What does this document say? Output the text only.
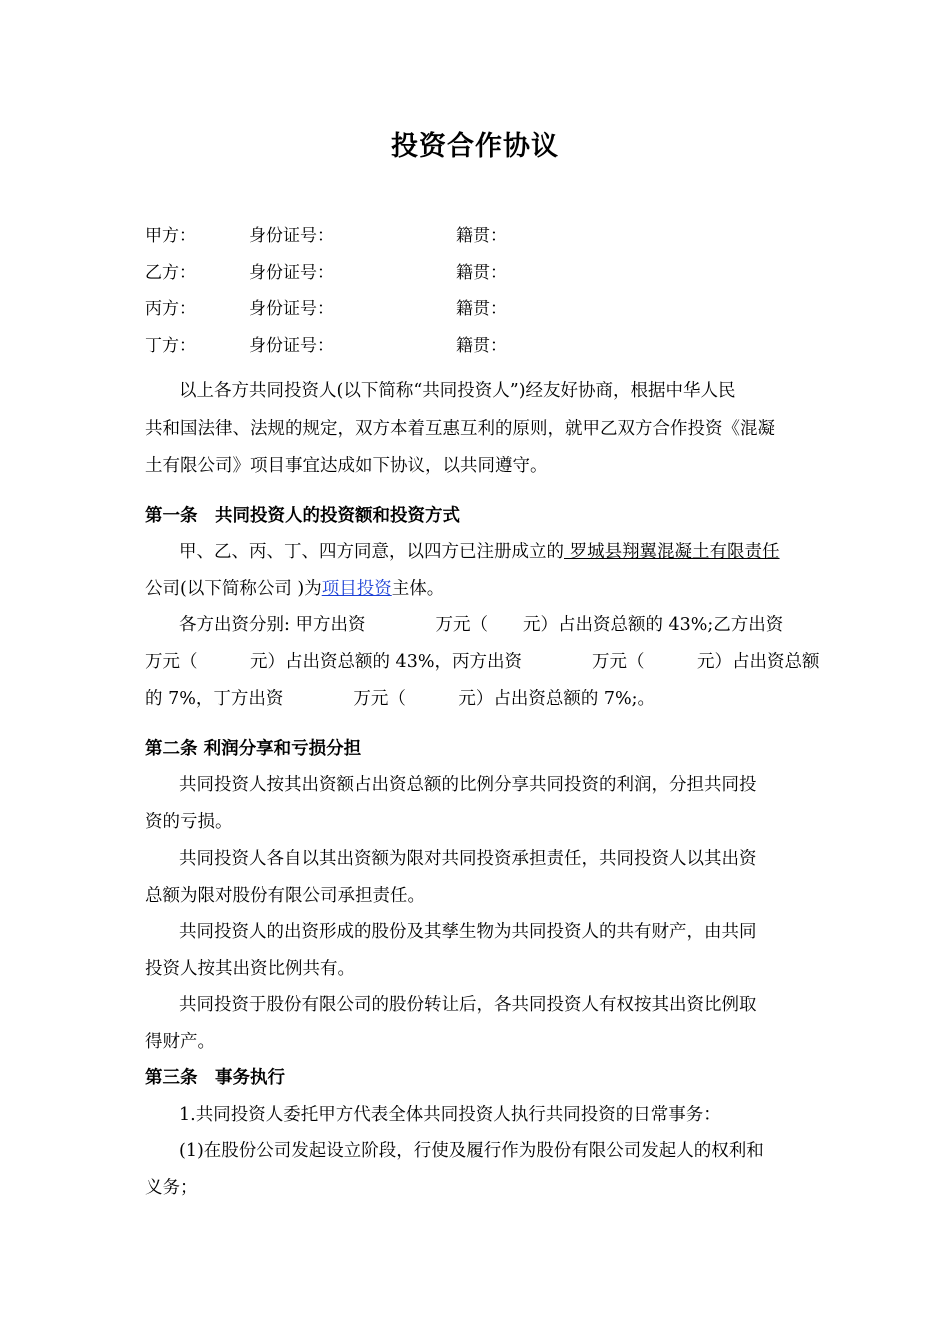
投资合作协议
甲方：	身份证号：	籍贯：
乙方：	身份证号：	籍贯：
丙方：	身份证号：	籍贯：
丁方：	身份证号：	籍贯：
以上各方共同投资人(以下简称“共同投资人”)经友好协商，根据中华人民
共和国法律、法规的规定，双方本着互惠互利的原则，就甲乙双方合作投资《混凝
土有限公司》项目事宜达成如下协议，以共同遵守。
第一条　共同投资人的投资额和投资方式
甲、乙、丙、丁、四方同意，以四方已注册成立的 罗城县翔翼混凝土有限责任
公司(以下简称公司 )为项目投资主体。
各方出资分别: 甲方出资　　　　万元（　　元）占出资总额的 43%;乙方出资
万元（　　　元）占出资总额的 43%，丙方出资　　　　万元（　　　元）占出资总额
的 7%，丁方出资　　　　万元（　　　元）占出资总额的 7%;。
第二条 利润分享和亏损分担
共同投资人按其出资额占出资总额的比例分享共同投资的利润，分担共同投
资的亏损。
共同投资人各自以其出资额为限对共同投资承担责任，共同投资人以其出资
总额为限对股份有限公司承担责任。
共同投资人的出资形成的股份及其孳生物为共同投资人的共有财产，由共同
投资人按其出资比例共有。
共同投资于股份有限公司的股份转让后，各共同投资人有权按其出资比例取
得财产。
第三条　事务执行
1.共同投资人委托甲方代表全体共同投资人执行共同投资的日常事务：
(1)在股份公司发起设立阶段，行使及履行作为股份有限公司发起人的权利和
义务；
